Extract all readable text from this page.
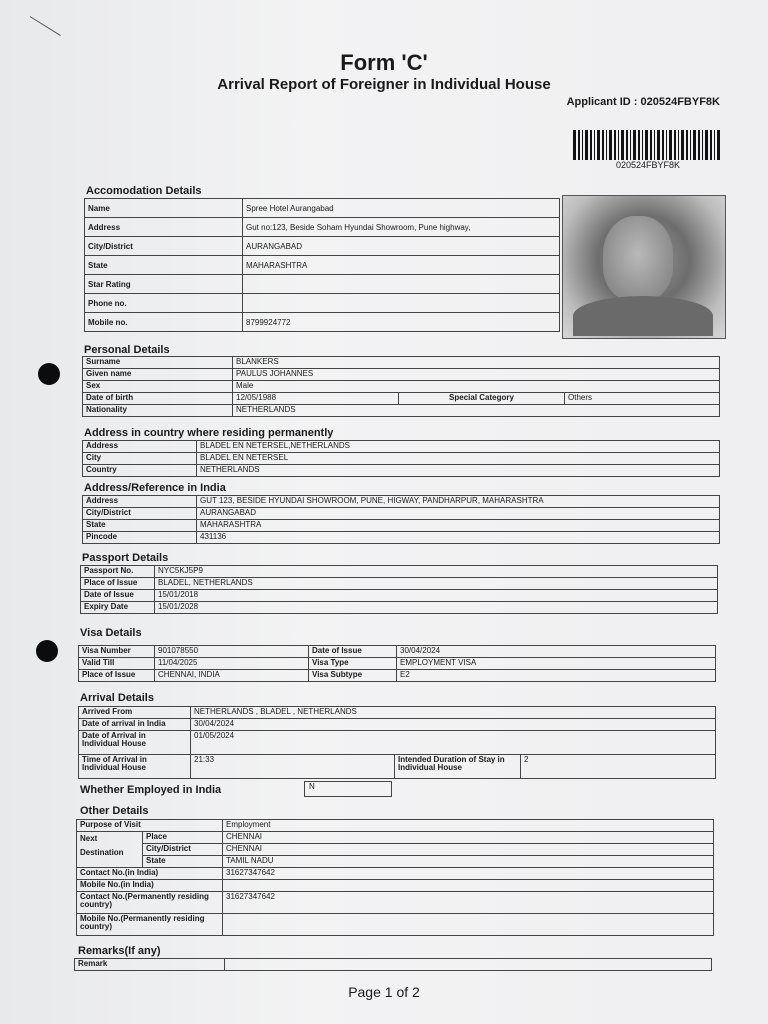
Form 'C'
Arrival Report of Foreigner in Individual House
Applicant ID : 020524FBYF8K
020524FBYF8K
Accomodation Details
Name	Spree Hotel Aurangabad
Address	Gut no:123, Beside Soham Hyundai Showroom, Pune highway,
City/District	AURANGABAD
State	MAHARASHTRA
Star Rating	
Phone no.	
Mobile no.	8799924772
Personal Details
Surname	BLANKERS		
Given name	PAULUS JOHANNES		
Sex	Male		
Date of birth	12/05/1988	Special Category	Others
Nationality	NETHERLANDS		
Address in country where residing permanently
Address	BLADEL EN NETERSEL,NETHERLANDS
City	BLADEL EN NETERSEL
Country	NETHERLANDS
Address/Reference in India
Address	GUT 123, BESIDE HYUNDAI SHOWROOM, PUNE, HIGWAY, PANDHARPUR, MAHARASHTRA
City/District	AURANGABAD
State	MAHARASHTRA
Pincode	431136
Passport Details
Passport No.	NYC5KJ5P9
Place of Issue	BLADEL, NETHERLANDS
Date of Issue	15/01/2018
Expiry Date	15/01/2028
Visa Details
Visa Number	901078550	Date of Issue	30/04/2024
Valid Till	11/04/2025	Visa Type	EMPLOYMENT VISA
Place of Issue	CHENNAI, INDIA	Visa Subtype	E2
Arrival Details
Arrived From	NETHERLANDS , BLADEL , NETHERLANDS		
Date of arrival in India	30/04/2024		
Date of Arrival in
Individual House	01/05/2024		
Time of Arrival in
Individual House	21:33	Intended Duration of Stay in
Individual House	2
Whether Employed in India	N
Other Details
Purpose of Visit		Employment
Next
Destination	Place	CHENNAI
	City/District	CHENNAI
	State	TAMIL NADU
Contact No.(in India)		31627347642
Mobile No.(in India)		
Contact No.(Permanently residing
country)		31627347642
Mobile No.(Permanently residing
country)		
Remarks(If any)
Remark	
Page 1 of 2
